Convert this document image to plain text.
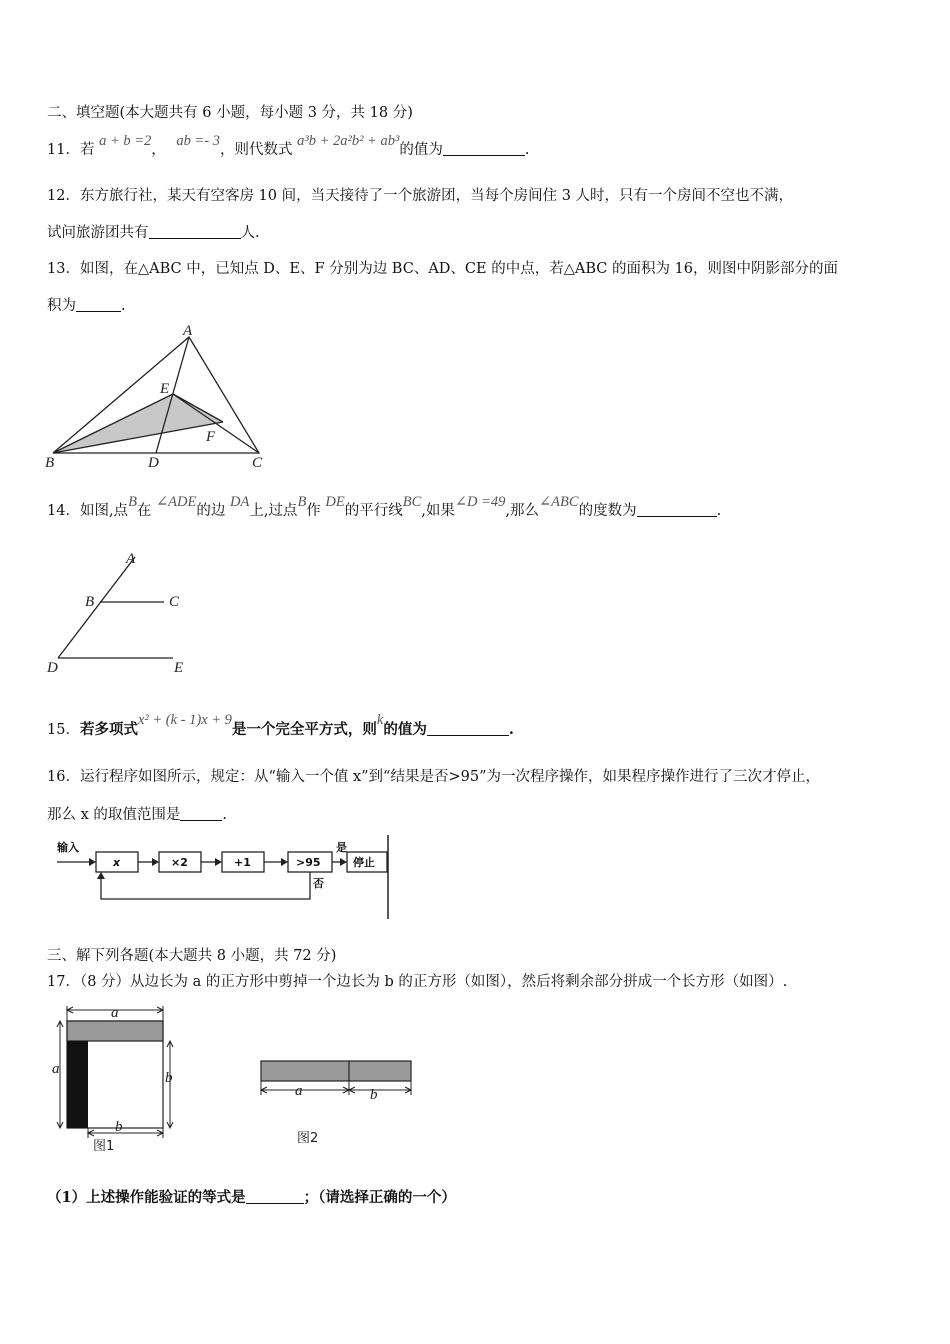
二、填空题(本大题共有 6 小题，每小题 3 分，共 18 分)
11．若 a + b =2， ab =- 3，则代数式 a³b + 2a²b² + ab³的值为	.
12．东方旅行社，某天有空客房 10 间，当天接待了一个旅游团，当每个房间住 3 人时，只有一个房间不空也不满，
试问旅游团共有	人.
13．如图，在△ABC 中，已知点 D、E、F 分别为边 BC、AD、CE 的中点，若△ABC 的面积为 16，则图中阴影部分的面
积为	.
A
B	C
D
E
F
14．如图,点B在 ∠ADE的边 DA上,过点B作 DE的平行线BC,如果∠D =49,那么∠ABC的度数为	.
A
B	C
D	E
15．若多项式x² + (k - 1)x + 9是一个完全平方式，则k的值为	.
16．运行程序如图所示，规定：从“输入一个值 x”到“结果是否>95”为一次程序操作，如果程序操作进行了三次才停止，
那么 x 的取值范围是	.
输入
x	×2	+1	>95
是
停止
否
三、解下列各题(本大题共 8 小题，共 72 分)
17．（8 分）从边长为 a 的正方形中剪掉一个边长为 b 的正方形（如图），然后将剩余部分拼成一个长方形（如图）.
a
a
b
b
图1
a	b
图2
（1）上述操作能验证的等式是	；（请选择正确的一个）
